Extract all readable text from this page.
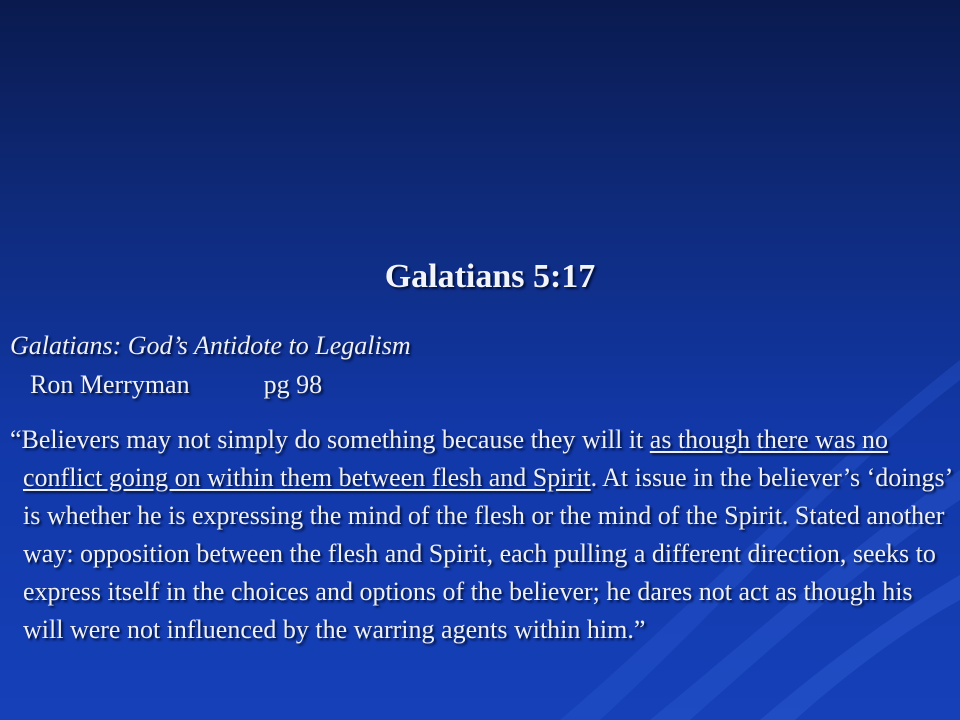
Galatians 5:17
Galatians: God’s Antidote to Legalism
Ron Merryman	pg 98
“Believers may not simply do something because they will it as though there was no conflict going on within them between flesh and Spirit. At issue in the believer’s ‘doings’ is whether he is expressing the mind of the flesh or the mind of the Spirit. Stated another way: opposition between the flesh and Spirit, each pulling a different direction, seeks to express itself in the choices and options of the believer; he dares not act as though his will were not influenced by the warring agents within him.”
